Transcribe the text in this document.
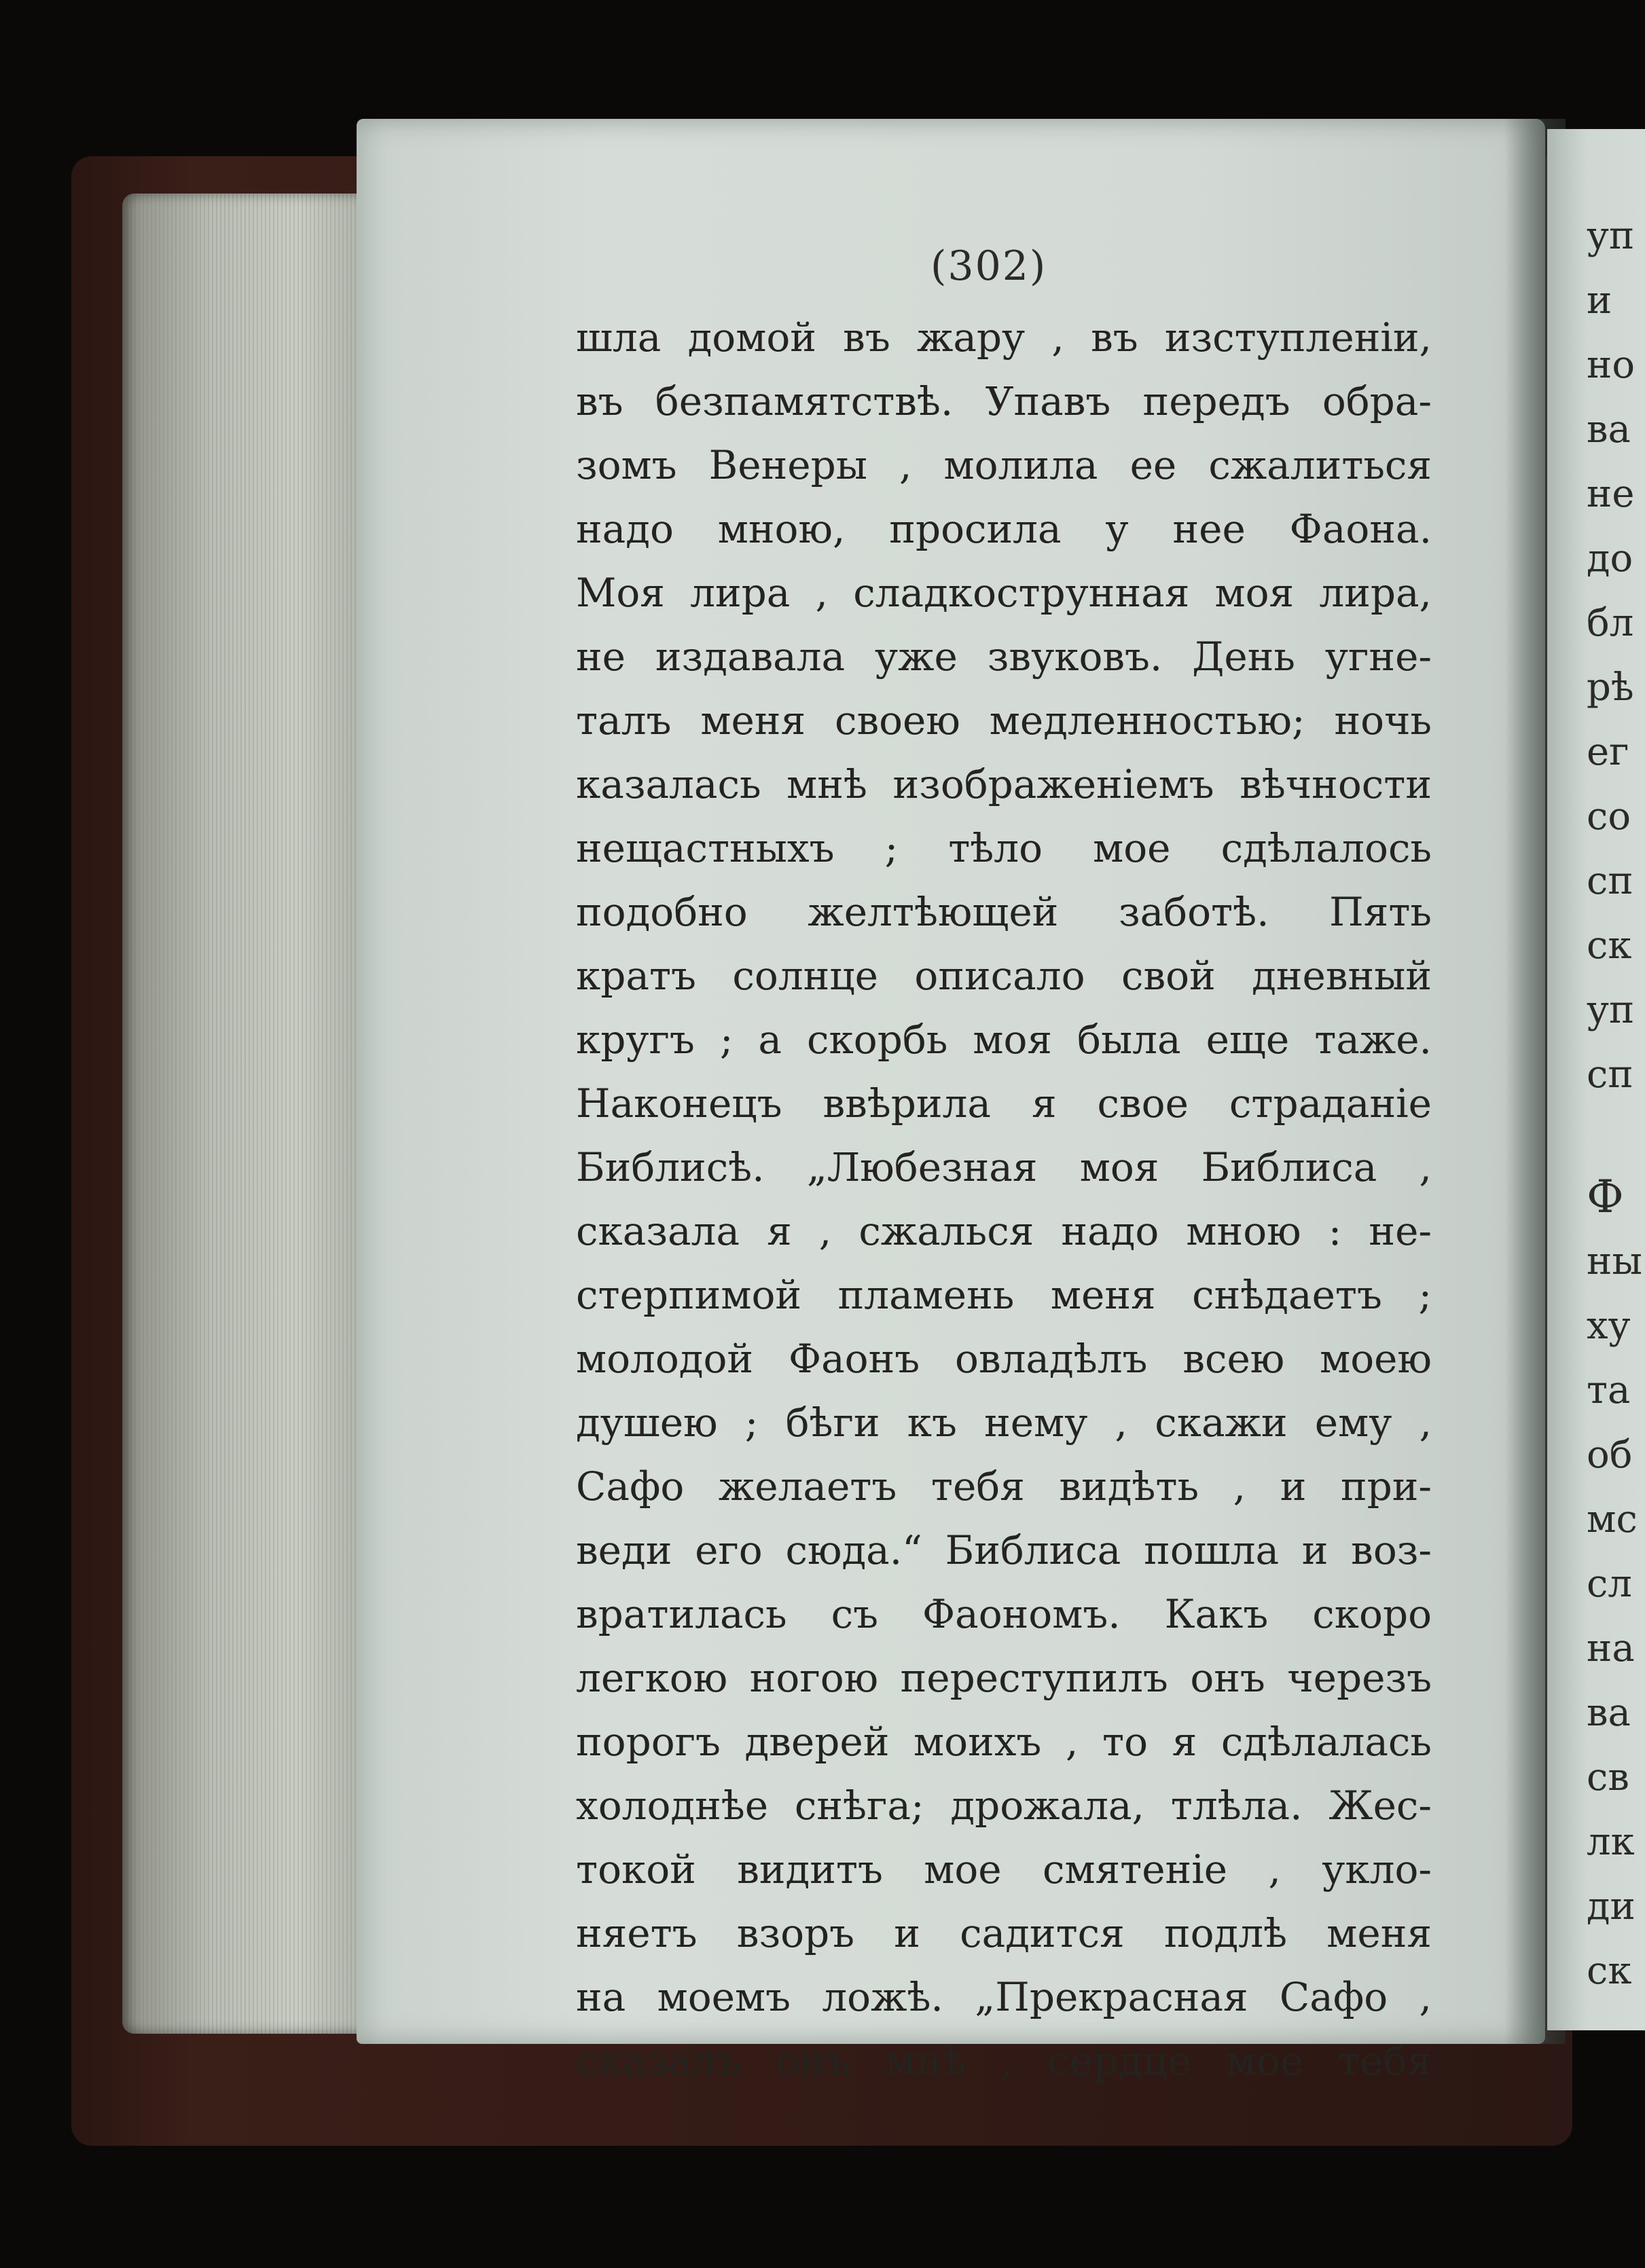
уп
и
но
ва
не
до
бл
рѣ
ег
со
сп
ск
уп
сп
Ф
ны
ху
та
об
мс
сл
на
ва
св
лк
ди
ск
(302)
шла домой въ жару , въ изступленіи,
въ безпамятствѣ. Упавъ передъ обра-
зомъ Венеры , молила ее сжалиться
надо мною, просила у нее Фаона.
Моя лира , сладкострунная моя лира,
не издавала уже звуковъ. День угне-
талъ меня своею медленностью; ночь
казалась мнѣ изображеніемъ вѣчности
нещастныхъ ; тѣло мое сдѣлалось
подобно желтѣющей заботѣ. Пять
кратъ солнце описало свой дневный
кругъ ; а скорбь моя была еще таже.
Наконецъ ввѣрила я свое страданіе
Библисѣ. „Любезная моя Библиса ,
сказала я , сжалься надо мною : не-
стерпимой пламень меня снѣдаетъ ;
молодой Фаонъ овладѣлъ всею моею
душею ; бѣги къ нему , скажи ему ,
Сафо желаетъ тебя видѣть , и при-
веди его сюда.“ Библиса пошла и воз-
вратилась съ Фаономъ. Какъ скоро
легкою ногою переступилъ онъ черезъ
порогъ дверей моихъ , то я сдѣлалась
холоднѣе снѣга; дрожала, тлѣла. Жес-
токой видитъ мое смятеніе , укло-
няетъ взоръ и садится подлѣ меня
на моемъ ложѣ. „Прекрасная Сафо ,
сказалъ онъ мнѣ , сердце мое тебя
